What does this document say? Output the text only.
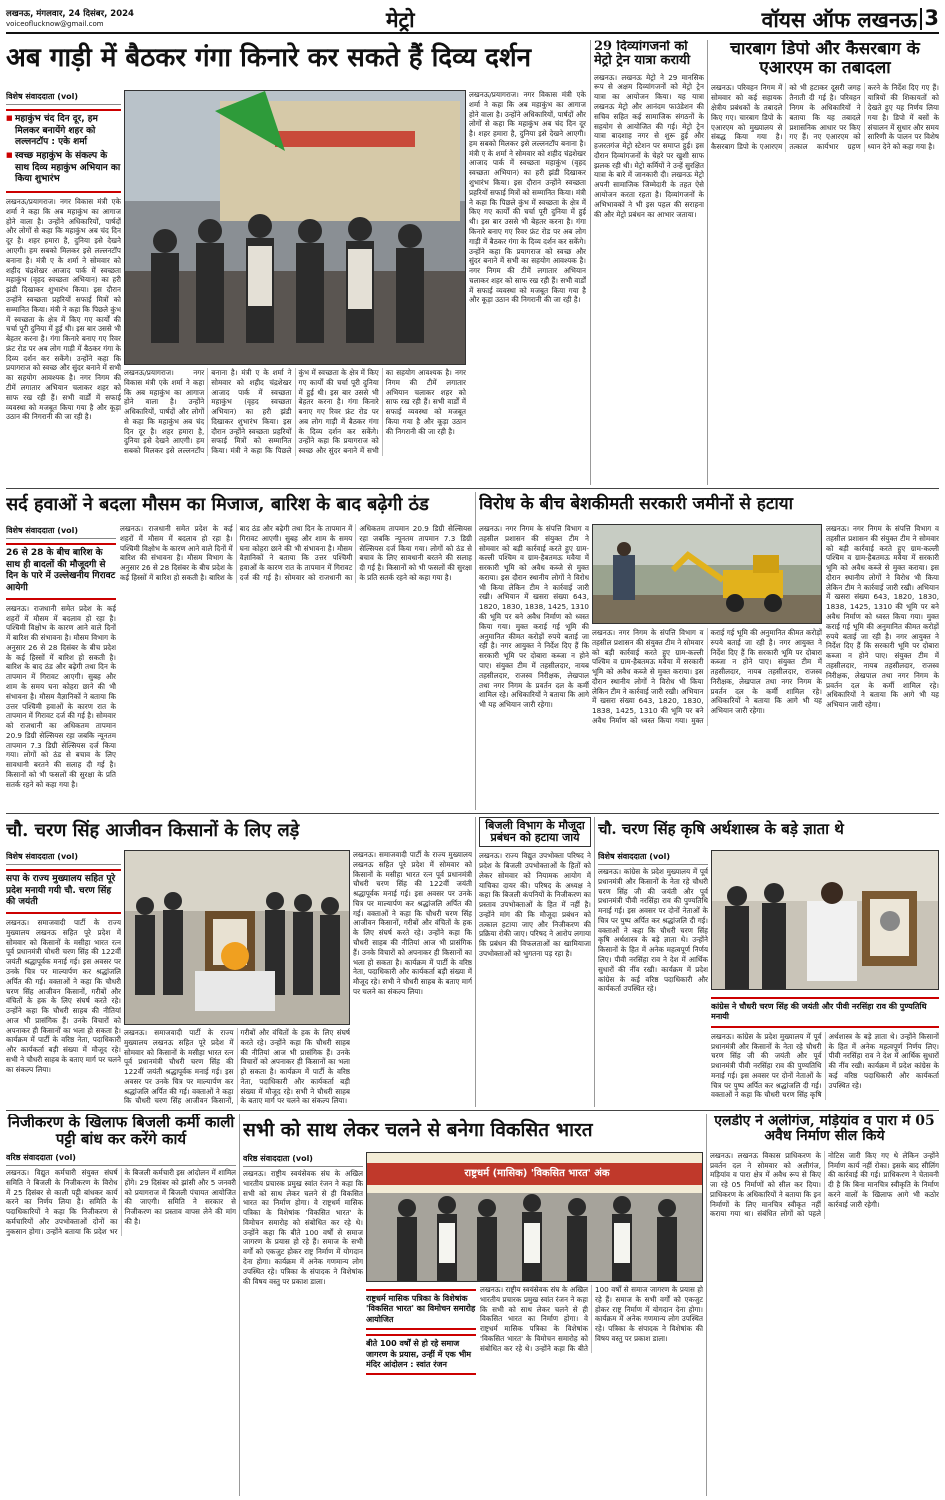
लखनऊ, मंगलवार, 24 दिसंबर, 2024
voiceoflucknow@gmail.com	मेट्रो	वॉयस ऑफ लखनऊ 3
अब गाड़ी में बैठकर गंगा किनारे कर सकते हैं दिव्य दर्शन
विशेष संवाददाता (vol)
■ महाकुंभ चंद दिन दूर, हम मिलकर बनायेंगे शहर को लल्लनटॉप : एके शर्मा
■ स्वच्छ महाकुंभ के संकल्प के साथ दिव्य महाकुंभ अभियान का किया शुभारंभ
लखनऊ/प्रयागराज। नगर विकास मंत्री एके शर्मा ने कहा कि अब महाकुंभ का आगाज होने वाला है। उन्होंने अधिकारियों, पार्षदों और लोगों से कहा कि महाकुंभ अब चंद दिन दूर है। शहर हमारा है, दुनिया इसे देखने आएगी। हम सबको मिलकर इसे लल्लनटॉप बनाना है। मंत्री ए के शर्मा ने सोमवार को शहीद चंद्रशेखर आजाद पार्क में स्वच्छता महाकुंभ (वृहद स्वच्छता अभियान) का हरी झंडी दिखाकर शुभारंभ किया। इस दौरान उन्होंने स्वच्छता प्रहरियों सफाई मित्रों को सम्मानित किया। मंत्री ने कहा कि पिछले कुंभ में स्वच्छता के क्षेत्र में किए गए कार्यों की चर्चा पूरी दुनिया में हुई थी। इस बार उससे भी बेहतर करना है। गंगा किनारे बनाए गए रिवर फ्रंट रोड पर अब लोग गाड़ी में बैठकर गंगा के दिव्य दर्शन कर सकेंगे। उन्होंने कहा कि प्रयागराज को स्वच्छ और सुंदर बनाने में सभी का सहयोग आवश्यक है। नगर निगम की टीमें लगातार अभियान चलाकर शहर को साफ रख रही हैं। सभी वार्डों में सफाई व्यवस्था को मजबूत किया गया है और कूड़ा उठान की निगरानी की जा रही है।
लखनऊ/प्रयागराज। नगर विकास मंत्री एके शर्मा ने कहा कि अब महाकुंभ का आगाज होने वाला है। उन्होंने अधिकारियों, पार्षदों और लोगों से कहा कि महाकुंभ अब चंद दिन दूर है। शहर हमारा है, दुनिया इसे देखने आएगी। हम सबको मिलकर इसे लल्लनटॉप बनाना है। मंत्री ए के शर्मा ने सोमवार को शहीद चंद्रशेखर आजाद पार्क में स्वच्छता महाकुंभ (वृहद स्वच्छता अभियान) का हरी झंडी दिखाकर शुभारंभ किया। इस दौरान उन्होंने स्वच्छता प्रहरियों सफाई मित्रों को सम्मानित किया। मंत्री ने कहा कि पिछले कुंभ में स्वच्छता के क्षेत्र में किए गए कार्यों की चर्चा पूरी दुनिया में हुई थी। इस बार उससे भी बेहतर करना है। गंगा किनारे बनाए गए रिवर फ्रंट रोड पर अब लोग गाड़ी में बैठकर गंगा के दिव्य दर्शन कर सकेंगे। उन्होंने कहा कि प्रयागराज को स्वच्छ और सुंदर बनाने में सभी का सहयोग आवश्यक है। नगर निगम की टीमें लगातार अभियान चलाकर शहर को साफ रख रही हैं। सभी वार्डों में सफाई व्यवस्था को मजबूत किया गया है और कूड़ा उठान की निगरानी की जा रही है।
लखनऊ/प्रयागराज। नगर विकास मंत्री एके शर्मा ने कहा कि अब महाकुंभ का आगाज होने वाला है। उन्होंने अधिकारियों, पार्षदों और लोगों से कहा कि महाकुंभ अब चंद दिन दूर है। शहर हमारा है, दुनिया इसे देखने आएगी। हम सबको मिलकर इसे लल्लनटॉप बनाना है। मंत्री ए के शर्मा ने सोमवार को शहीद चंद्रशेखर आजाद पार्क में स्वच्छता महाकुंभ (वृहद स्वच्छता अभियान) का हरी झंडी दिखाकर शुभारंभ किया। इस दौरान उन्होंने स्वच्छता प्रहरियों सफाई मित्रों को सम्मानित किया। मंत्री ने कहा कि पिछले कुंभ में स्वच्छता के क्षेत्र में किए गए कार्यों की चर्चा पूरी दुनिया में हुई थी। इस बार उससे भी बेहतर करना है। गंगा किनारे बनाए गए रिवर फ्रंट रोड पर अब लोग गाड़ी में बैठकर गंगा के दिव्य दर्शन कर सकेंगे। उन्होंने कहा कि प्रयागराज को स्वच्छ और सुंदर बनाने में सभी का सहयोग आवश्यक है। नगर निगम की टीमें लगातार अभियान चलाकर शहर को साफ रख रही हैं। सभी वार्डों में सफाई व्यवस्था को मजबूत किया गया है और कूड़ा उठान की निगरानी की जा रही है।
29 दिव्यांगजनों को मेट्रो ट्रेन यात्रा करायी
लखनऊ। लखनऊ मेट्रो ने 29 मानसिक रूप से अक्षम दिव्यांगजनों को मेट्रो ट्रेन यात्रा का आयोजन किया। यह यात्रा लखनऊ मेट्रो और आनंदम फाउंडेशन की सचिव सहित कई सामाजिक संगठनों के सहयोग से आयोजित की गई। मेट्रो ट्रेन यात्रा बादशाह नगर से शुरू हुई और हजरतगंज मेट्रो स्टेशन पर समाप्त हुई। इस दौरान दिव्यांगजनों के चेहरे पर खुशी साफ झलक रही थी। मेट्रो कर्मियों ने उन्हें सुरक्षित यात्रा के बारे में जानकारी दी। लखनऊ मेट्रो अपनी सामाजिक जिम्मेदारी के तहत ऐसे आयोजन करता रहता है। दिव्यांगजनों के अभिभावकों ने भी इस पहल की सराहना की और मेट्रो प्रबंधन का आभार जताया।
चारबाग डिपो और कैसरबाग के एआरएम का तबादला
लखनऊ। परिवहन निगम में सोमवार को कई सहायक क्षेत्रीय प्रबंधकों के तबादले किए गए। चारबाग डिपो के एआरएम को मुख्यालय से संबद्ध किया गया है। कैसरबाग डिपो के एआरएम को भी हटाकर दूसरी जगह तैनाती दी गई है। परिवहन निगम के अधिकारियों ने बताया कि यह तबादले प्रशासनिक आधार पर किए गए हैं। नए एआरएम को तत्काल कार्यभार ग्रहण करने के निर्देश दिए गए हैं। यात्रियों की शिकायतों को देखते हुए यह निर्णय लिया गया है। डिपो में बसों के संचालन में सुधार और समय सारिणी के पालन पर विशेष ध्यान देने को कहा गया है।
सर्द हवाओं ने बदला मौसम का मिजाज, बारिश के बाद बढ़ेगी ठंड
विशेष संवाददाता (vol)
26 से 28 के बीच बारिश के साथ ही बादलों की मौजूदगी से दिन के पारे में उल्लेखनीय गिरावट आयेगी
लखनऊ। राजधानी समेत प्रदेश के कई शहरों में मौसम में बदलाव हो रहा है। पश्चिमी विक्षोभ के कारण आने वाले दिनों में बारिश की संभावना है। मौसम विभाग के अनुसार 26 से 28 दिसंबर के बीच प्रदेश के कई हिस्सों में बारिश हो सकती है। बारिश के बाद ठंड और बढ़ेगी तथा दिन के तापमान में गिरावट आएगी। सुबह और शाम के समय घना कोहरा छाने की भी संभावना है। मौसम वैज्ञानिकों ने बताया कि उत्तर पश्चिमी हवाओं के कारण रात के तापमान में गिरावट दर्ज की गई है। सोमवार को राजधानी का अधिकतम तापमान 20.9 डिग्री सेल्सियस रहा जबकि न्यूनतम तापमान 7.3 डिग्री सेल्सियस दर्ज किया गया। लोगों को ठंड से बचाव के लिए सावधानी बरतने की सलाह दी गई है। किसानों को भी फसलों की सुरक्षा के प्रति सतर्क रहने को कहा गया है।
लखनऊ। राजधानी समेत प्रदेश के कई शहरों में मौसम में बदलाव हो रहा है। पश्चिमी विक्षोभ के कारण आने वाले दिनों में बारिश की संभावना है। मौसम विभाग के अनुसार 26 से 28 दिसंबर के बीच प्रदेश के कई हिस्सों में बारिश हो सकती है। बारिश के बाद ठंड और बढ़ेगी तथा दिन के तापमान में गिरावट आएगी। सुबह और शाम के समय घना कोहरा छाने की भी संभावना है। मौसम वैज्ञानिकों ने बताया कि उत्तर पश्चिमी हवाओं के कारण रात के तापमान में गिरावट दर्ज की गई है। सोमवार को राजधानी का अधिकतम तापमान 20.9 डिग्री सेल्सियस रहा जबकि न्यूनतम तापमान 7.3 डिग्री सेल्सियस दर्ज किया गया। लोगों को ठंड से बचाव के लिए सावधानी बरतने की सलाह दी गई है। किसानों को भी फसलों की सुरक्षा के प्रति सतर्क रहने को कहा गया है।
विरोध के बीच बेशकीमती सरकारी जमीनों से हटाया
लखनऊ। नगर निगम के संपत्ति विभाग व तहसील प्रशासन की संयुक्त टीम ने सोमवार को बड़ी कार्रवाई करते हुए ग्राम-कल्ली पश्चिम व ग्राम-हैबतमऊ मवैया में सरकारी भूमि को अवैध कब्जे से मुक्त कराया। इस दौरान स्थानीय लोगों ने विरोध भी किया लेकिन टीम ने कार्रवाई जारी रखी। अभियान में खसरा संख्या 643, 1820, 1830, 1838, 1425, 1310 की भूमि पर बने अवैध निर्माण को ध्वस्त किया गया। मुक्त कराई गई भूमि की अनुमानित कीमत करोड़ों रुपये बताई जा रही है। नगर आयुक्त ने निर्देश दिए हैं कि सरकारी भूमि पर दोबारा कब्जा न होने पाए। संयुक्त टीम में तहसीलदार, नायब तहसीलदार, राजस्व निरीक्षक, लेखपाल तथा नगर निगम के प्रवर्तन दल के कर्मी शामिल रहे। अधिकारियों ने बताया कि आगे भी यह अभियान जारी रहेगा।
लखनऊ। नगर निगम के संपत्ति विभाग व तहसील प्रशासन की संयुक्त टीम ने सोमवार को बड़ी कार्रवाई करते हुए ग्राम-कल्ली पश्चिम व ग्राम-हैबतमऊ मवैया में सरकारी भूमि को अवैध कब्जे से मुक्त कराया। इस दौरान स्थानीय लोगों ने विरोध भी किया लेकिन टीम ने कार्रवाई जारी रखी। अभियान में खसरा संख्या 643, 1820, 1830, 1838, 1425, 1310 की भूमि पर बने अवैध निर्माण को ध्वस्त किया गया। मुक्त कराई गई भूमि की अनुमानित कीमत करोड़ों रुपये बताई जा रही है। नगर आयुक्त ने निर्देश दिए हैं कि सरकारी भूमि पर दोबारा कब्जा न होने पाए। संयुक्त टीम में तहसीलदार, नायब तहसीलदार, राजस्व निरीक्षक, लेखपाल तथा नगर निगम के प्रवर्तन दल के कर्मी शामिल रहे। अधिकारियों ने बताया कि आगे भी यह अभियान जारी रहेगा।
लखनऊ। नगर निगम के संपत्ति विभाग व तहसील प्रशासन की संयुक्त टीम ने सोमवार को बड़ी कार्रवाई करते हुए ग्राम-कल्ली पश्चिम व ग्राम-हैबतमऊ मवैया में सरकारी भूमि को अवैध कब्जे से मुक्त कराया। इस दौरान स्थानीय लोगों ने विरोध भी किया लेकिन टीम ने कार्रवाई जारी रखी। अभियान में खसरा संख्या 643, 1820, 1830, 1838, 1425, 1310 की भूमि पर बने अवैध निर्माण को ध्वस्त किया गया। मुक्त कराई गई भूमि की अनुमानित कीमत करोड़ों रुपये बताई जा रही है। नगर आयुक्त ने निर्देश दिए हैं कि सरकारी भूमि पर दोबारा कब्जा न होने पाए। संयुक्त टीम में तहसीलदार, नायब तहसीलदार, राजस्व निरीक्षक, लेखपाल तथा नगर निगम के प्रवर्तन दल के कर्मी शामिल रहे। अधिकारियों ने बताया कि आगे भी यह अभियान जारी रहेगा।
चौ. चरण सिंह आजीवन किसानों के लिए लड़े
विशेष संवाददाता (vol)
सपा के राज्य मुख्यालय सहित पूरे प्रदेश मनायी गयी चौ. चरण सिंह की जयंती
लखनऊ। समाजवादी पार्टी के राज्य मुख्यालय लखनऊ सहित पूरे प्रदेश में सोमवार को किसानों के मसीहा भारत रत्न पूर्व प्रधानमंत्री चौधरी चरण सिंह की 122वीं जयंती श्रद्धापूर्वक मनाई गई। इस अवसर पर उनके चित्र पर माल्यार्पण कर श्रद्धांजलि अर्पित की गई। वक्ताओं ने कहा कि चौधरी चरण सिंह आजीवन किसानों, गरीबों और वंचितों के हक के लिए संघर्ष करते रहे। उन्होंने कहा कि चौधरी साहब की नीतियां आज भी प्रासंगिक हैं। उनके विचारों को अपनाकर ही किसानों का भला हो सकता है। कार्यक्रम में पार्टी के वरिष्ठ नेता, पदाधिकारी और कार्यकर्ता बड़ी संख्या में मौजूद रहे। सभी ने चौधरी साहब के बताए मार्ग पर चलने का संकल्प लिया।
लखनऊ। समाजवादी पार्टी के राज्य मुख्यालय लखनऊ सहित पूरे प्रदेश में सोमवार को किसानों के मसीहा भारत रत्न पूर्व प्रधानमंत्री चौधरी चरण सिंह की 122वीं जयंती श्रद्धापूर्वक मनाई गई। इस अवसर पर उनके चित्र पर माल्यार्पण कर श्रद्धांजलि अर्पित की गई। वक्ताओं ने कहा कि चौधरी चरण सिंह आजीवन किसानों, गरीबों और वंचितों के हक के लिए संघर्ष करते रहे। उन्होंने कहा कि चौधरी साहब की नीतियां आज भी प्रासंगिक हैं। उनके विचारों को अपनाकर ही किसानों का भला हो सकता है। कार्यक्रम में पार्टी के वरिष्ठ नेता, पदाधिकारी और कार्यकर्ता बड़ी संख्या में मौजूद रहे। सभी ने चौधरी साहब के बताए मार्ग पर चलने का संकल्प लिया।
लखनऊ। समाजवादी पार्टी के राज्य मुख्यालय लखनऊ सहित पूरे प्रदेश में सोमवार को किसानों के मसीहा भारत रत्न पूर्व प्रधानमंत्री चौधरी चरण सिंह की 122वीं जयंती श्रद्धापूर्वक मनाई गई। इस अवसर पर उनके चित्र पर माल्यार्पण कर श्रद्धांजलि अर्पित की गई। वक्ताओं ने कहा कि चौधरी चरण सिंह आजीवन किसानों, गरीबों और वंचितों के हक के लिए संघर्ष करते रहे। उन्होंने कहा कि चौधरी साहब की नीतियां आज भी प्रासंगिक हैं। उनके विचारों को अपनाकर ही किसानों का भला हो सकता है। कार्यक्रम में पार्टी के वरिष्ठ नेता, पदाधिकारी और कार्यकर्ता बड़ी संख्या में मौजूद रहे। सभी ने चौधरी साहब के बताए मार्ग पर चलने का संकल्प लिया।
बिजली विभाग के मौजूदा प्रबंधन को हटाया जाये
लखनऊ। राज्य विद्युत उपभोक्ता परिषद ने प्रदेश के बिजली उपभोक्ताओं के हितों को लेकर सोमवार को नियामक आयोग में याचिका दायर की। परिषद के अध्यक्ष ने कहा कि बिजली कंपनियों के निजीकरण का प्रस्ताव उपभोक्ताओं के हित में नहीं है। उन्होंने मांग की कि मौजूदा प्रबंधन को तत्काल हटाया जाए और निजीकरण की प्रक्रिया रोकी जाए। परिषद ने आरोप लगाया कि प्रबंधन की विफलताओं का खामियाजा उपभोक्ताओं को भुगतना पड़ रहा है।
चौ. चरण सिंह कृषि अर्थशास्त्र के बड़े ज्ञाता थे
विशेष संवाददाता (vol)
लखनऊ। कांग्रेस के प्रदेश मुख्यालय में पूर्व प्रधानमंत्री और किसानों के नेता रहे चौधरी चरण सिंह जी की जयंती और पूर्व प्रधानमंत्री पीवी नरसिंहा राव की पुण्यतिथि मनाई गई। इस अवसर पर दोनों नेताओं के चित्र पर पुष्प अर्पित कर श्रद्धांजलि दी गई। वक्ताओं ने कहा कि चौधरी चरण सिंह कृषि अर्थशास्त्र के बड़े ज्ञाता थे। उन्होंने किसानों के हित में अनेक महत्वपूर्ण निर्णय लिए। पीवी नरसिंहा राव ने देश में आर्थिक सुधारों की नींव रखी। कार्यक्रम में प्रदेश कांग्रेस के कई वरिष्ठ पदाधिकारी और कार्यकर्ता उपस्थित रहे।
कांग्रेस ने चौधरी चरण सिंह की जयंती और पीवी नरसिंहा राव की पुण्यतिथि मनायी
लखनऊ। कांग्रेस के प्रदेश मुख्यालय में पूर्व प्रधानमंत्री और किसानों के नेता रहे चौधरी चरण सिंह जी की जयंती और पूर्व प्रधानमंत्री पीवी नरसिंहा राव की पुण्यतिथि मनाई गई। इस अवसर पर दोनों नेताओं के चित्र पर पुष्प अर्पित कर श्रद्धांजलि दी गई। वक्ताओं ने कहा कि चौधरी चरण सिंह कृषि अर्थशास्त्र के बड़े ज्ञाता थे। उन्होंने किसानों के हित में अनेक महत्वपूर्ण निर्णय लिए। पीवी नरसिंहा राव ने देश में आर्थिक सुधारों की नींव रखी। कार्यक्रम में प्रदेश कांग्रेस के कई वरिष्ठ पदाधिकारी और कार्यकर्ता उपस्थित रहे।
निजीकरण के खिलाफ बिजली कर्मी काली पट्टी बांध कर करेंगे कार्य
वरिष्ठ संवाददाता (vol)
लखनऊ। विद्युत कर्मचारी संयुक्त संघर्ष समिति ने बिजली के निजीकरण के विरोध में 25 दिसंबर से काली पट्टी बांधकर कार्य करने का निर्णय लिया है। समिति के पदाधिकारियों ने कहा कि निजीकरण से कर्मचारियों और उपभोक्ताओं दोनों का नुकसान होगा। उन्होंने बताया कि प्रदेश भर के बिजली कर्मचारी इस आंदोलन में शामिल होंगे। 29 दिसंबर को झांसी और 5 जनवरी को प्रयागराज में बिजली पंचायत आयोजित की जाएगी। समिति ने सरकार से निजीकरण का प्रस्ताव वापस लेने की मांग की है।
सभी को साथ लेकर चलने से बनेगा विकसित भारत
वरिष्ठ संवाददाता (vol)
लखनऊ। राष्ट्रीय स्वयंसेवक संघ के अखिल भारतीय प्रचारक प्रमुख स्वांत रंजन ने कहा कि सभी को साथ लेकर चलने से ही विकसित भारत का निर्माण होगा। वे राष्ट्रधर्म मासिक पत्रिका के विशेषांक 'विकसित भारत' के विमोचन समारोह को संबोधित कर रहे थे। उन्होंने कहा कि बीते 100 वर्षों से समाज जागरण के प्रयास हो रहे हैं। समाज के सभी वर्गों को एकजुट होकर राष्ट्र निर्माण में योगदान देना होगा। कार्यक्रम में अनेक गणमान्य लोग उपस्थित रहे। पत्रिका के संपादक ने विशेषांक की विषय वस्तु पर प्रकाश डाला।
राष्ट्रधर्म (मासिक) 'विकसित भारत' अंक
राष्ट्रधर्म मासिक पत्रिका के विशेषांक 'विकसित भारत' का विमोचन समारोह आयोजित
बीते 100 वर्षों से हो रहे समाज जागरण के प्रयास, उन्हीं में एक भीम मंदिर आंदोलन : स्वांत रंजन
लखनऊ। राष्ट्रीय स्वयंसेवक संघ के अखिल भारतीय प्रचारक प्रमुख स्वांत रंजन ने कहा कि सभी को साथ लेकर चलने से ही विकसित भारत का निर्माण होगा। वे राष्ट्रधर्म मासिक पत्रिका के विशेषांक 'विकसित भारत' के विमोचन समारोह को संबोधित कर रहे थे। उन्होंने कहा कि बीते 100 वर्षों से समाज जागरण के प्रयास हो रहे हैं। समाज के सभी वर्गों को एकजुट होकर राष्ट्र निर्माण में योगदान देना होगा। कार्यक्रम में अनेक गणमान्य लोग उपस्थित रहे। पत्रिका के संपादक ने विशेषांक की विषय वस्तु पर प्रकाश डाला।
एलडीए ने अलीगंज, मड़ियांव व पारा में 05 अवैध निर्माण सील किये
लखनऊ। लखनऊ विकास प्राधिकरण के प्रवर्तन दल ने सोमवार को अलीगंज, मड़ियांव व पारा क्षेत्र में अवैध रूप से किए जा रहे 05 निर्माणों को सील कर दिया। प्राधिकरण के अधिकारियों ने बताया कि इन निर्माणों के लिए मानचित्र स्वीकृत नहीं कराया गया था। संबंधित लोगों को पहले नोटिस जारी किए गए थे लेकिन उन्होंने निर्माण कार्य नहीं रोका। इसके बाद सीलिंग की कार्रवाई की गई। प्राधिकरण ने चेतावनी दी है कि बिना मानचित्र स्वीकृति के निर्माण करने वालों के खिलाफ आगे भी कठोर कार्रवाई जारी रहेगी।
